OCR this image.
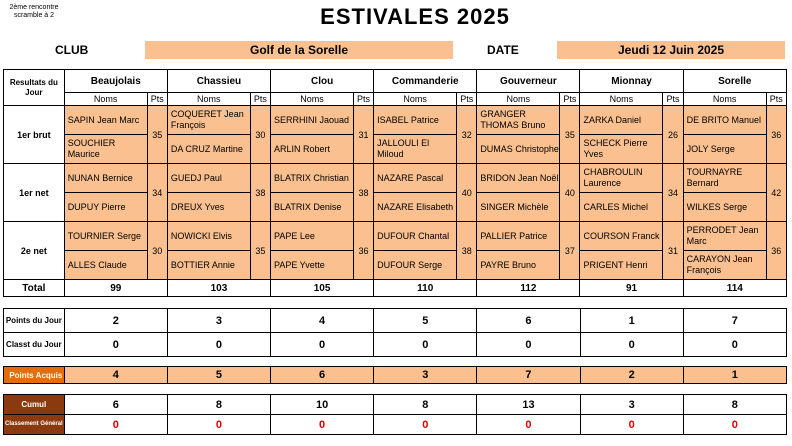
2ème rencontre
scramble à 2	ESTIVALES 2025
CLUB	Golf de la Sorelle	DATE	Jeudi 12 Juin 2025
Resultats du Jour	Beaujolais		Chassieu		Clou		Commanderie		Gouverneur		Mionnay		Sorelle	
	Noms	Pts	Noms	Pts	Noms	Pts	Noms	Pts	Noms	Pts	Noms	Pts	Noms	Pts
1er brut	SAPIN Jean Marc	35	COQUERET Jean François	30	SERRHINI Jaouad	31	ISABEL Patrice	32	GRANGER THOMAS Bruno	35	ZARKA Daniel	26	DE BRITO Manuel	36
	SOUCHIER Maurice		DA CRUZ Martine		ARLIN Robert		JALLOULI El Miloud		DUMAS Christophe		SCHECK Pierre Yves		JOLY Serge	
1er net	NUNAN Bernice	34	GUEDJ Paul	38	BLATRIX Christian	38	NAZARE Pascal	40	BRIDON Jean Noël	40	CHABROULIN Laurence	34	TOURNAYRE Bernard	42
	DUPUY Pierre		DREUX Yves		BLATRIX Denise		NAZARE Elisabeth		SINGER Michèle		CARLES Michel		WILKES Serge	
2e net	TOURNIER Serge	30	NOWICKI Elvis	35	PAPE Lee	36	DUFOUR Chantal	38	PALLIER Patrice	37	COURSON Franck	31	PERRODET Jean Marc	36
	ALLES Claude		BOTTIER Annie		PAPE Yvette		DUFOUR Serge		PAYRE Bruno		PRIGENT Henri		CARAYON Jean François	
Total	99		103		105		110		112		91		114	
Points du Jour	2	3	4	5	6	1	7
Classt du Jour	0	0	0	0	0	0	0
Points Acquis	4	5	6	3	7	2	1
Cumul	6	8	10	8	13	3	8
Classement Général	0	0	0	0	0	0	0
